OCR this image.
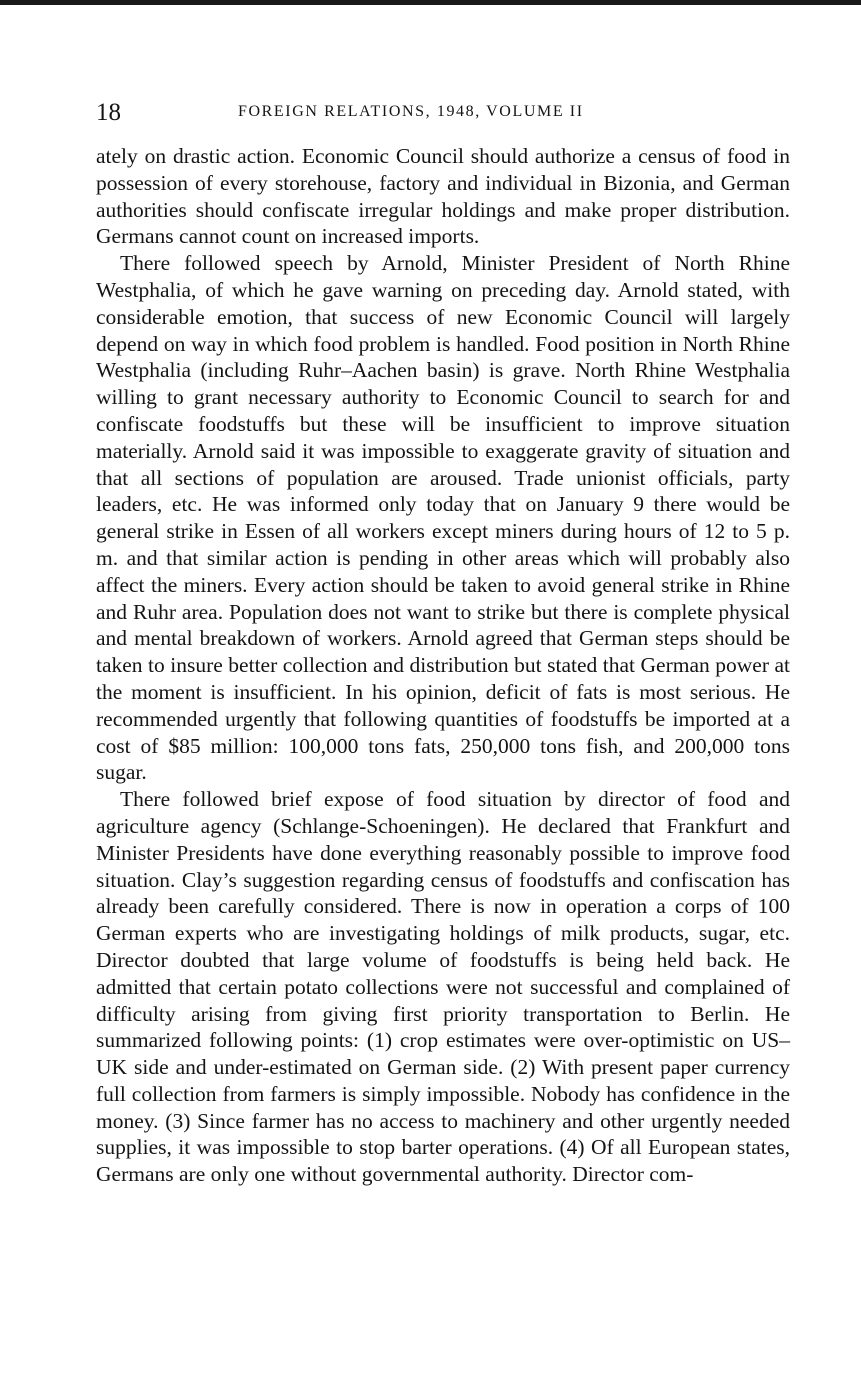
18	FOREIGN RELATIONS, 1948, VOLUME II

ately on drastic action. Economic Council should authorize a census of food in possession of every storehouse, factory and individual in Bizonia, and German authorities should confiscate irregular holdings and make proper distribution. Germans cannot count on increased imports.

There followed speech by Arnold, Minister President of North Rhine Westphalia, of which he gave warning on preceding day. Arnold stated, with considerable emotion, that success of new Economic Council will largely depend on way in which food problem is handled. Food position in North Rhine Westphalia (including Ruhr–Aachen basin) is grave. North Rhine Westphalia willing to grant necessary authority to Economic Council to search for and confiscate foodstuffs but these will be insufficient to improve situation materially. Arnold said it was impossible to exaggerate gravity of situation and that all sections of population are aroused. Trade unionist officials, party leaders, etc. He was informed only today that on January 9 there would be general strike in Essen of all workers except miners during hours of 12 to 5 p. m. and that similar action is pending in other areas which will probably also affect the miners. Every action should be taken to avoid general strike in Rhine and Ruhr area. Population does not want to strike but there is complete physical and mental breakdown of workers. Arnold agreed that German steps should be taken to insure better collection and distribution but stated that German power at the moment is insufficient. In his opinion, deficit of fats is most serious. He recommended urgently that following quantities of foodstuffs be imported at a cost of $85 million: 100,000 tons fats, 250,000 tons fish, and 200,000 tons sugar.

There followed brief expose of food situation by director of food and agriculture agency (Schlange-Schoeningen). He declared that Frankfurt and Minister Presidents have done everything reasonably possible to improve food situation. Clay’s suggestion regarding census of foodstuffs and confiscation has already been carefully considered. There is now in operation a corps of 100 German experts who are investigating holdings of milk products, sugar, etc. Director doubted that large volume of foodstuffs is being held back. He admitted that certain potato collections were not successful and complained of difficulty arising from giving first priority transportation to Berlin. He summarized following points: (1) crop estimates were over-optimistic on US–UK side and under-estimated on German side. (2) With present paper currency full collection from farmers is simply impossible. Nobody has confidence in the money. (3) Since farmer has no access to machinery and other urgently needed supplies, it was impossible to stop barter operations. (4) Of all European states, Germans are only one without governmental authority. Director com-
